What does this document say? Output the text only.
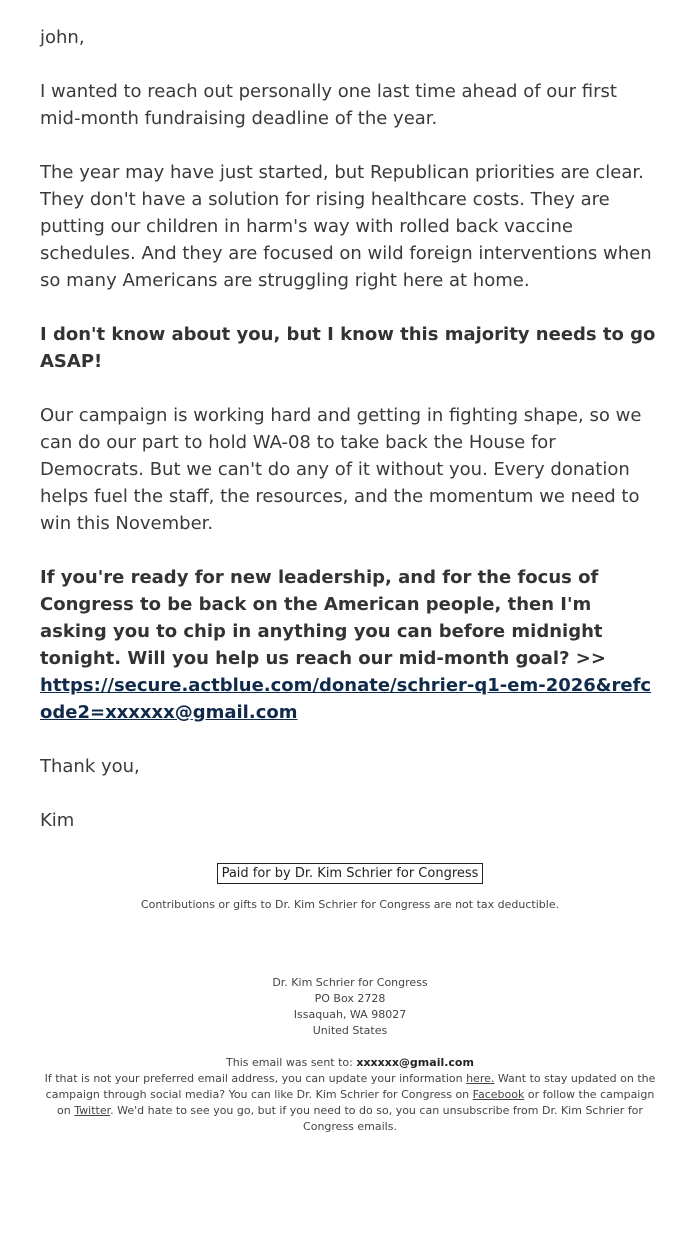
john,

I wanted to reach out personally one last time ahead of our first mid-month fundraising deadline of the year.

The year may have just started, but Republican priorities are clear. They don't have a solution for rising healthcare costs. They are putting our children in harm's way with rolled back vaccine schedules. And they are focused on wild foreign interventions when so many Americans are struggling right here at home.

I don't know about you, but I know this majority needs to go ASAP!

Our campaign is working hard and getting in fighting shape, so we can do our part to hold WA-08 to take back the House for Democrats. But we can't do any of it without you. Every donation helps fuel the staff, the resources, and the momentum we need to win this November.

If you're ready for new leadership, and for the focus of Congress to be back on the American people, then I'm asking you to chip in anything you can before midnight tonight. Will you help us reach our mid-month goal? >>
https://secure.actblue.com/donate/schrier-q1-em-2026&refcode2=xxxxxx@gmail.com

Thank you,

Kim

Paid for by Dr. Kim Schrier for Congress
Contributions or gifts to Dr. Kim Schrier for Congress are not tax deductible.
Dr. Kim Schrier for Congress
PO Box 2728
Issaquah, WA 98027
United States
This email was sent to: xxxxxx@gmail.com
If that is not your preferred email address, you can update your information here. Want to stay updated on the campaign through social media? You can like Dr. Kim Schrier for Congress on Facebook or follow the campaign on Twitter. We'd hate to see you go, but if you need to do so, you can unsubscribe from Dr. Kim Schrier for Congress emails.
